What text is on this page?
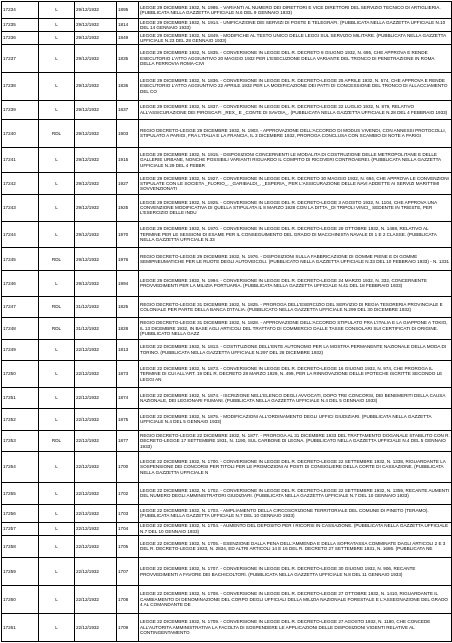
17234	L	29/12/1932	1895	LEGGE 29 DICEMBRE 1932, N. 1995. - VARIANTI AL NUMERO DEI DIRETTORI E VICE DIRETTORI DEL SERVIZIO TECNICO DI ARTIGLIERIA. (PUBBLICATA NELLA GAZZETTA UFFICIALE N.6 DEL 9 GENNAIO 1933)
17235	L	29/12/1932	1814	LEGGE 29 DICEMBRE 1932, N. 1914. - UNIFICAZIONE DEI SERVIZI DI POSTE E TELEGRAFI. (PUBBLICATA NELLA GAZZETTA UFFICIALE N.10 DEL 14 GENNAIO 1933)
17236	L	29/12/1932	1849	LEGGE 29 DICEMBRE 1932, N. 1849. - MODIFICHE AL TESTO UNICO DELLE LEGGI SUL SERVIZIO MILITARE. (PUBBLICATA NELLA GAZZETTA UFFICIALE N.23 DEL 28 GENNAIO 1933)
17237	L	29/12/1932	1835	LEGGE 29 DICEMBRE 1932, N. 1835. - CONVERSIONE IN LEGGE DEL R. DECRETO 8 GIUGNO 1932, N. 695, CHE APPROVA E RENDE ESECUTORIO L'ATTO AGGIUNTIVO 20 MAGGIO 1932 PER L'ESECUZIONE DELLA VARIANTE DEL TRONCO DI PENETRAZIONE IN ROMA DELLA FERROVIA ROMA-CIVI
17238	L	29/12/1932	1836	LEGGE 29 DICEMBRE 1932, N. 1836. - CONVERSIONE IN LEGGE DEL R. DECRETO-LEGGE 25 APRILE 1932, N. 574, CHE APPROVA E RENDE ESECUTORIO L'ATTO AGGIUNTIVO 22 APRILE 1932 PER LA MODIFICAZIONE DEI PATTI DI CONCESSIONE DEL TRONCO DI ALLACCIAMENTO DEL CO
17239	L	29/12/1932	1837	LEGGE 29 DICEMBRE 1932, N. 1837. - CONVERSIONE IN LEGGE DEL R. DECRETO-LEGGE 22 LUGLIO 1932, N. 879, RELATIVO ALL'ASSICURAZIONE DEI PIROSCAFI _REX_ E _CONTE DI SAVOIA_. (PUBBLICATA NELLA GAZZETTA UFFICIALE N.28 DEL 4 FEBBRAIO 1933)
17240	RDL	29/12/1932	1903	REGIO DECRETO-LEGGE 29 DICEMBRE 1932, N. 1903. - APPROVAZIONE DELL'ACCORDO DI MODUS VIVENDI, CON ANNESSI PROTOCOLLI, STIPULATO A PARIGI, FRA L'ITALIA E LA FRANCIA, IL 3 DICEMBRE 1932, PROROGA CONCLUSA CON SCAMBIO DI NOTE A PARIGI
17241	L	29/12/1932	1915	LEGGE 29 DICEMBRE 1932, N. 1915. - DISPOSIZIONI CONCERNENTI LE MODALITA DI COSTRUZIONE DELLE METROPOLITANE E DELLE GALLERIE URBANE, NONCHE POSSIBILI VARIANTI RIGUARDO IL COMPITO DI RICOVERI CONTROAEREI. (PUBBLICATA NELLA GAZZETTA UFFICIALE N.29 DEL 4 FEBBR
17242	L	29/12/1932	1927	LEGGE 29 DICEMBRE 1932, N. 1927. - CONVERSIONE IN LEGGE DEL R. DECRETO 30 MAGGIO 1932, N. 694, CHE APPROVA LE CONVENZIONI STIPULATE CON LE SOCIETA _FLORIO_, _GARIBALDI_, _ESPERIA_ PER L'ASSICURAZIONE DELLE NAVI ADDETTE AI SERVIZI MARITTIMI SOVVENZIONATI
17243	L	29/12/1932	1925	LEGGE 29 DICEMBRE 1932, N. 1925. - CONVERSIONE IN LEGGE DEL R. DECRETO-LEGGE 3 AGOSTO 1932, N. 1104, CHE APPROVA UNA CONVENZIONE MODIFICATIVA DI QUELLA STIPULATA IL 8 MARZO 1928 CON LA DITTA _DI TRIPOLI VINCI_ SEDENTE IN TRIESTE, PER L'ESERCIZIO DELLE INDU
17244	L	29/12/1932	1970	LEGGE 29 DICEMBRE 1932, N. 1970. - CONVERSIONE IN LEGGE DEL R. DECRETO-LEGGE 29 OTTOBRE 1932, N. 1488, RELATIVO AL TERMINE PER LE SESSIONI DI ESAME PER IL CONSEGUIMENTO DEL GRADO DI MACCHINISTA NAVALE DI 1 E 2 CLASSE. (PUBBLICATA NELLA GAZZETTA UFFICIALE N.33
17245	RDL	29/12/1932	1976	REGIO DECRETO-LEGGE 29 DICEMBRE 1932, N. 1976. - DISPOSIZIONI SULLA FABBRICAZIONE DI GOMME PIENE E DI GOMME SEMIPNEUMATICHE PER LE RUOTE DEGLI AUTOVEICOLI. (PUBBLICATO NELLA GAZZETTA UFFICIALE N.33 DEL 10 FEBBRAIO 1933) - N. 1331
17246	L	29/12/1932	1994	LEGGE 29 DICEMBRE 1932, N. 1994. - CONVERSIONE IN LEGGE DEL R. DECRETO-LEGGE 24 MARZO 1932, N. 332, CONCERNENTE PROVVEDIMENTI PER LA MILIZIA PORTUARIA. (PUBBLICATA NELLA GAZZETTA UFFICIALE N.41 DEL 18 FEBBRAIO 1933)
17247	RDL	31/12/1932	1825	REGIO DECRETO-LEGGE 31 DICEMBRE 1932, N. 1825. - PROROGA DELL'ESERCIZIO DEL SERVIZIO DI REGIA TESORERIA PROVINCIALE E COLONIALE PER PARTE DELLA BANCA D'ITALIA. (PUBBLICATO NELLA GAZZETTA UFFICIALE N.299 DEL 30 DICEMBRE 1932)
17248	RDL	31/12/1932	1828	REGIO DECRETO-LEGGE 31 DICEMBRE 1932, N. 1828. - APPROVAZIONE DELL'ACCORDO STIPULATO FRA L'ITALIA E LA GIAPPONE A TOKIO, IL 13 DICEMBRE 1932, IN BASE AGLI ARTICOLI DEL TRATTATO DI COMMERCIO DALLE TASSE CONSOLARI SUI CERTIFICATI DI ORIGINE. (PUBBLICATO NELLA GAZZ
17249	L	22/12/1932	1813	LEGGE 22 DICEMBRE 1932, N. 1813. - COSTITUZIONE DELL'ENTE AUTONOMO PER LA MOSTRA PERMANENTE NAZIONALE DELLA MODA DI TORINO. (PUBBLICATA NELLA GAZZETTA UFFICIALE N.297 DEL 28 DICEMBRE 1932)
17250	L	22/12/1932	1873	LEGGE 22 DICEMBRE 1932, N. 1873. - CONVERSIONE IN LEGGE DEL R. DECRETO-LEGGE 16 GIUGNO 1932, N. 974, CHE PROROGA IL TERMINE DI CUI ALL'ART. 19 DEL R. DECRETO 28 MARZO 1929, N. 499, PER LA RINNOVAZIONE DELLE IPOTECHE ISCRITTE SECONDO LE LEGGI AN
17251	L	22/12/1932	1874	LEGGE 22 DICEMBRE 1932, N. 1874. - ISCRIZIONE NELL'ELENCO DEGLI AVVOCATI, DOPO TRE CONCORSI, DEI BENEMERITI DELLA CAUSA NAZIONALE, DEI LEGIONARI FIUMANI. (PUBBLICATA NELLA GAZZETTA UFFICIALE N.4 DEL 5 GENNAIO 1933)
17252	L	22/12/1932	1875	LEGGE 22 DICEMBRE 1932, N. 1875. - MODIFICAZIONI ALL'ORDINAMENTO DEGLI UFFICI GIUDIZIARI. (PUBBLICATA NELLA GAZZETTA UFFICIALE N.4 DEL 5 GENNAIO 1933)
17253	RDL	22/12/1932	1877	REGIO DECRETO-LEGGE 22 DICEMBRE 1932, N. 1877. - PROROGA AL 31 DICEMBRE 1933 DEL TRATTAMENTO DOGANALE STABILITO CON R. DECRETO-LEGGE 17 SETTEMBRE 1931, N. 1190, SUL CARBONE DI LEGNA. (PUBBLICATO NELLA GAZZETTA UFFICIALE N.4 DEL 5 GENNAIO 1933)
17254	L	22/12/1932	1700	LEGGE 22 DICEMBRE 1932, N. 1700. - CONVERSIONE IN LEGGE DEL R. DECRETO-LEGGE 22 SETTEMBRE 1932, N. 1338, RIGUARDANTE LA SOSPENSIONE DEI CONCORSI PER TITOLI PER LE PROMOZIONI AI POSTI DI CONSIGLIERE DELLA CORTE DI CASSAZIONE. (PUBBLICATA NELLA GAZZETTA UFFICIALE N
17255	L	22/12/1932	1702	LEGGE 22 DICEMBRE 1932, N. 1702. - CONVERSIONE IN LEGGE DEL R. DECRETO-LEGGE 22 SETTEMBRE 1932, N. 1359, RECANTE AUMENTI DEL NUMERO DEGLI AMMINISTRATORI GIUDIZIARI. (PUBBLICATA NELLA GAZZETTA UFFICIALE N.7 DEL 10 GENNAIO 1933)
17256	L	22/12/1932	1703	LEGGE 22 DICEMBRE 1932, N. 1703. - AMPLIAMENTO DELLA CIRCOSCRIZIONE TERRITORIALE DEL COMUNE DI PINETO (TERAMO). (PUBBLICATA NELLA GAZZETTA UFFICIALE N.7 DEL 10 GENNAIO 1933)
17257	L	22/12/1932	1704	LEGGE 22 DICEMBRE 1932, N. 1704. - AUMENTO DEL DEPOSITO PER I RICORSI IN CASSAZIONE. (PUBBLICATA NELLA GAZZETTA UFFICIALE N.7 DEL 10 GENNAIO 1933)
17258	L	22/12/1932	1705	LEGGE 22 DICEMBRE 1932, N. 1705. - ESENZIONE DALLA PENA DELL'AMMENDA E DELLA SOPRATASSA COMMINATE DAGLI ARTICOLI 2 E 3 DEL R. DECRETO-LEGGE 1933, N. 2834, ED ALTRI ARTICOLI 14 E 16 DEL R. DECRETO 27 SETTEMBRE 1931, N. 1686. (PUBBLICATA NE
17259	L	22/12/1932	1707	LEGGE 22 DICEMBRE 1932, N. 1707. - CONVERSIONE IN LEGGE DEL R. DECRETO-LEGGE 30 GIUGNO 1932, N. 906, RECANTE PROVVEDIMENTI A FAVORE DEI BACHICOLTORI. (PUBBLICATA NELLA GAZZETTA UFFICIALE N.8 DEL 11 GENNAIO 1933)
17260	L	22/12/1932	1708	LEGGE 22 DICEMBRE 1932, N. 1708. - CONVERSIONE IN LEGGE DEL R. DECRETO-LEGGE 27 OTTOBRE 1932, N. 1410, RIGUARDANTE IL CAMBIAMENTO DI DENOMINAZIONE DEL CORPO DEGLI UFFICIALI DELLA MILIZIA NAZIONALE FORESTALE E L'ASSEGNAZIONE DEL GRADO 4 AL COMANDANTE DE
17261	L	22/12/1932	1709	LEGGE 22 DICEMBRE 1932, N. 1709. - CONVERSIONE IN LEGGE DEL R. DECRETO-LEGGE 27 AGOSTO 1932, N. 1180, CHE CONCEDE ALL'AUTORITA AMMINISTRATIVA LA FACOLTA DI SOSPENDERE LE APPLICAZIONI DELLE DISPOSIZIONI VIGENTI RELATIVE AL CONTINGENTAMENTO
